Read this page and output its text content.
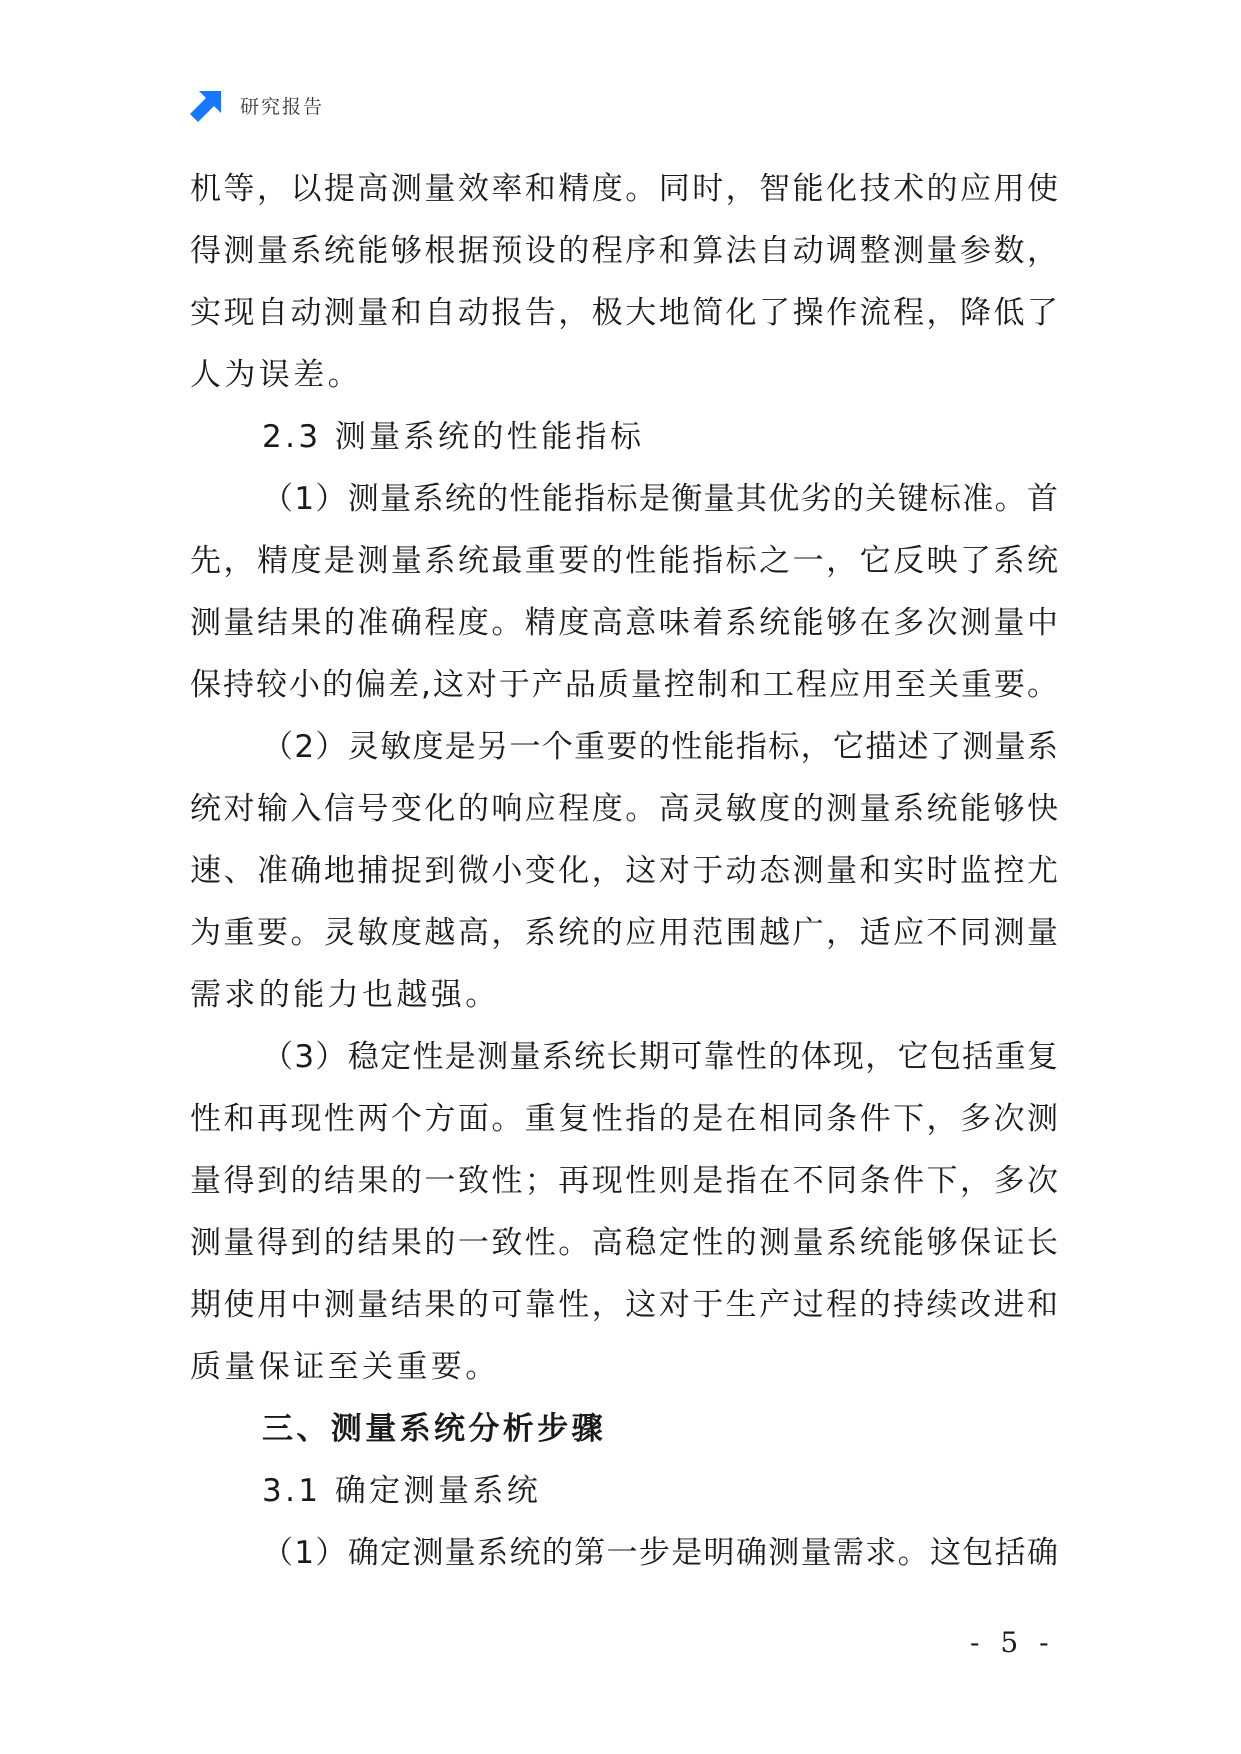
研究报告
机等，以提高测量效率和精度。同时，智能化技术的应用使
得测量系统能够根据预设的程序和算法自动调整测量参数，
实现自动测量和自动报告，极大地简化了操作流程，降低了
人为误差。
2.3 测量系统的性能指标
（1）测量系统的性能指标是衡量其优劣的关键标准。首
先，精度是测量系统最重要的性能指标之一，它反映了系统
测量结果的准确程度。精度高意味着系统能够在多次测量中
保持较小的偏差,这对于产品质量控制和工程应用至关重要。
（2）灵敏度是另一个重要的性能指标，它描述了测量系
统对输入信号变化的响应程度。高灵敏度的测量系统能够快
速、准确地捕捉到微小变化，这对于动态测量和实时监控尤
为重要。灵敏度越高，系统的应用范围越广，适应不同测量
需求的能力也越强。
（3）稳定性是测量系统长期可靠性的体现，它包括重复
性和再现性两个方面。重复性指的是在相同条件下，多次测
量得到的结果的一致性；再现性则是指在不同条件下，多次
测量得到的结果的一致性。高稳定性的测量系统能够保证长
期使用中测量结果的可靠性，这对于生产过程的持续改进和
质量保证至关重要。
三、测量系统分析步骤
3.1 确定测量系统
（1）确定测量系统的第一步是明确测量需求。这包括确
- 5 -
